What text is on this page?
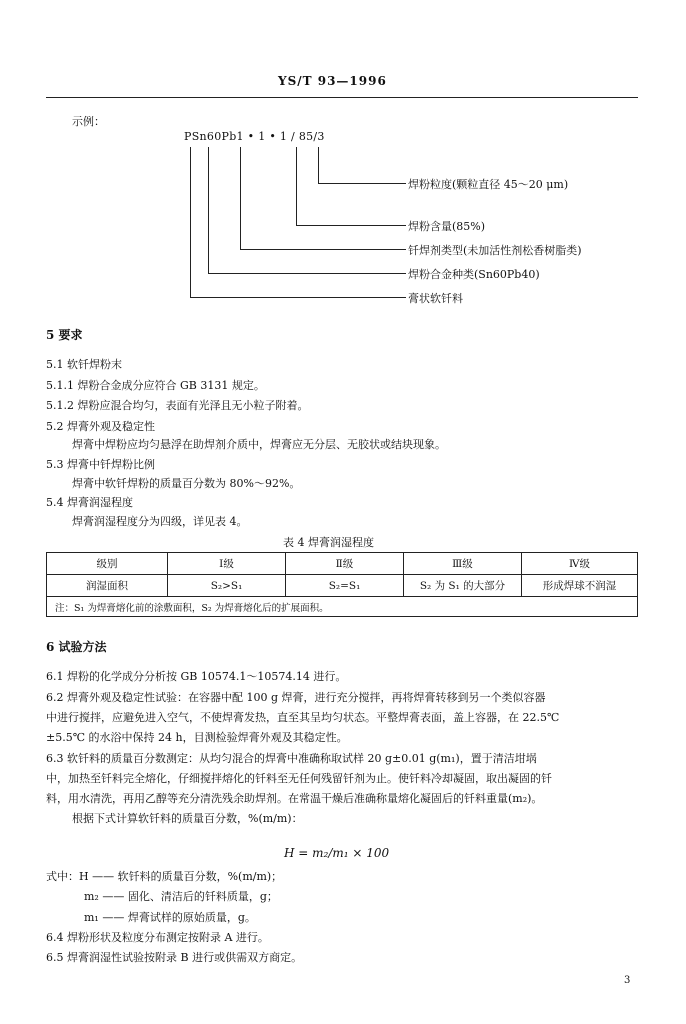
YS/T 93—1996
示例：
PSn60Pb1 • 1 • 1 / 85/3
焊粉粒度(颗粒直径 45～20 μm)
焊粉含量(85%)
钎焊剂类型(未加活性剂松香树脂类)
焊粉合金种类(Sn60Pb40)
膏状软钎料
5 要求
5.1 软钎焊粉末
5.1.1 焊粉合金成分应符合 GB 3131 规定。
5.1.2 焊粉应混合均匀，表面有光泽且无小粒子附着。
5.2 焊膏外观及稳定性
焊膏中焊粉应均匀悬浮在助焊剂介质中，焊膏应无分层、无胶状或结块现象。
5.3 焊膏中钎焊粉比例
焊膏中软钎焊粉的质量百分数为 80%～92%。
5.4 焊膏润湿程度
焊膏润湿程度分为四级，详见表 4。
表 4 焊膏润湿程度
级别	Ⅰ级	Ⅱ级	Ⅲ级	Ⅳ级
润湿面积	S₂>S₁	S₂=S₁	S₂ 为 S₁ 的大部分	形成焊球不润湿
注：S₁ 为焊膏熔化前的涂敷面积，S₂ 为焊膏熔化后的扩展面积。				
6 试验方法
6.1 焊粉的化学成分分析按 GB 10574.1～10574.14 进行。
6.2 焊膏外观及稳定性试验：在容器中配 100 g 焊膏，进行充分搅拌，再将焊膏转移到另一个类似容器
中进行搅拌，应避免进入空气，不使焊膏发热，直至其呈均匀状态。平整焊膏表面，盖上容器，在 22.5℃
±5.5℃ 的水浴中保持 24 h，目测检验焊膏外观及其稳定性。
6.3 软钎料的质量百分数测定：从均匀混合的焊膏中准确称取试样 20 g±0.01 g(m₁)，置于清洁坩埚
中，加热至钎料完全熔化，仔细搅拌熔化的钎料至无任何残留钎剂为止。使钎料冷却凝固，取出凝固的钎
料，用水清洗，再用乙醇等充分清洗残余助焊剂。在常温干燥后准确称量熔化凝固后的钎料重量(m₂)。
根据下式计算软钎料的质量百分数，%(m/m)：
H = m₂/m₁ × 100
式中：H —— 软钎料的质量百分数，%(m/m)；
m₂ —— 固化、清洁后的钎料质量，g；
m₁ —— 焊膏试样的原始质量，g。
6.4 焊粉形状及粒度分布测定按附录 A 进行。
6.5 焊膏润湿性试验按附录 B 进行或供需双方商定。
3
